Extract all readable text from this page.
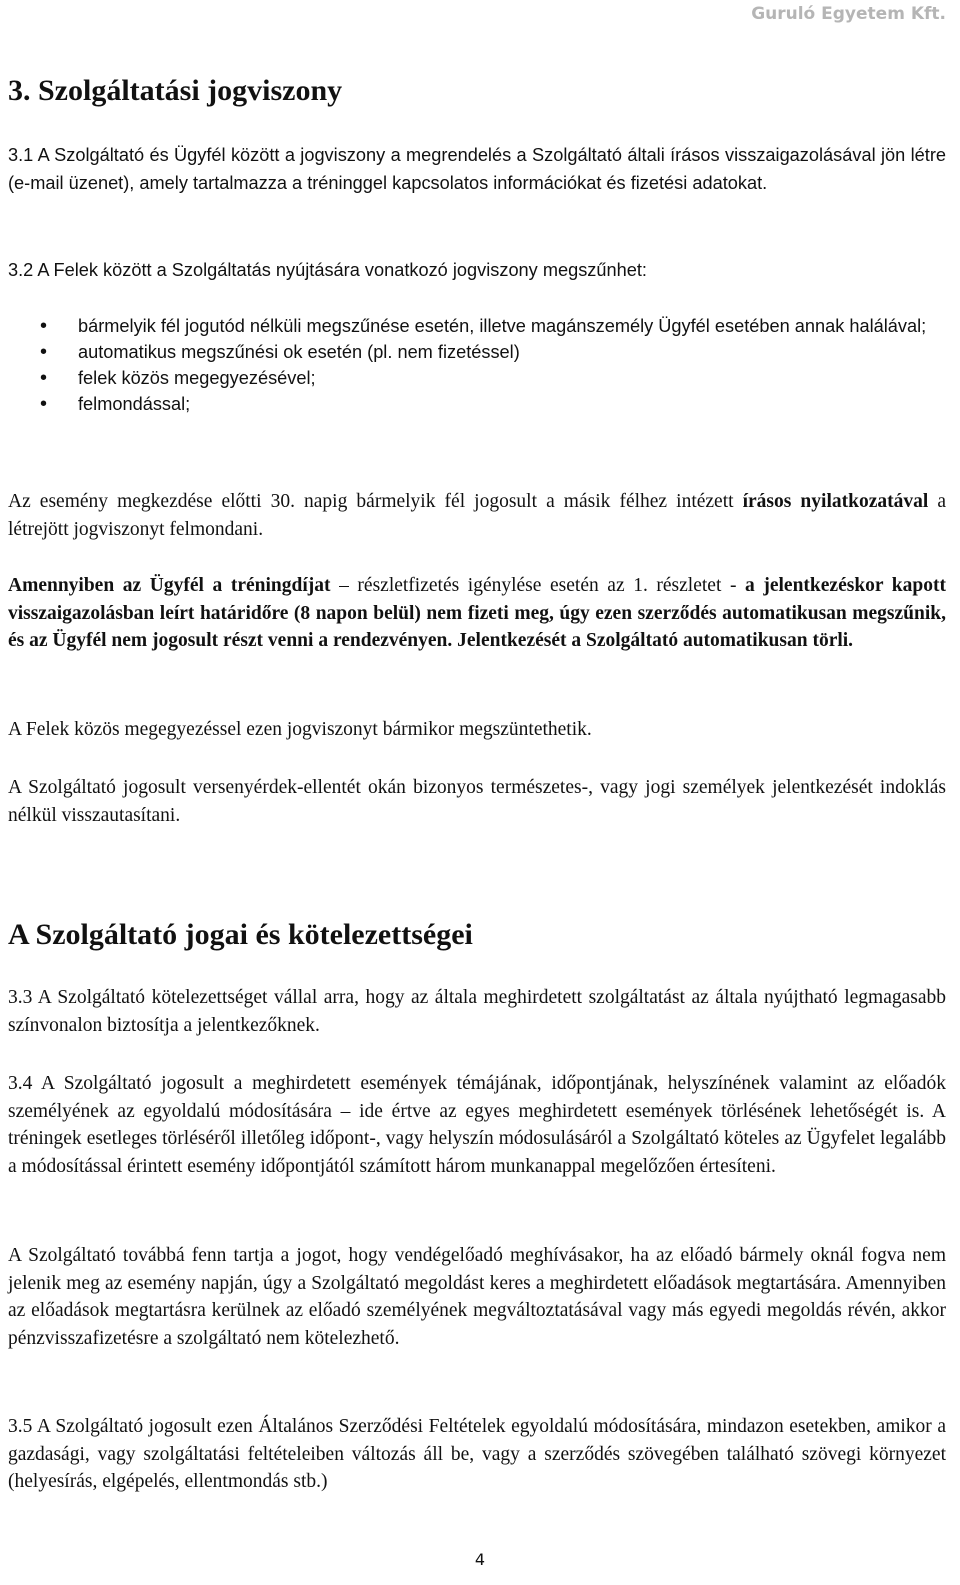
Guruló Egyetem Kft.
3. Szolgáltatási jogviszony

3.1 A Szolgáltató és Ügyfél között a jogviszony a megrendelés a Szolgáltató általi írásos visszaigazolásával jön létre (e-mail üzenet), amely tartalmazza a tréninggel kapcsolatos információkat és fizetési adatokat.

3.2 A Felek között a Szolgáltatás nyújtására vonatkozó jogviszony megszűnhet:

• bármelyik fél jogutód nélküli megszűnése esetén, illetve magánszemély Ügyfél esetében annak halálával;
• automatikus megszűnési ok esetén (pl. nem fizetéssel)
• felek közös megegyezésével;
• felmondással;

Az esemény megkezdése előtti 30. napig bármelyik fél jogosult a másik félhez intézett írásos nyilatkozatával a létrejött jogviszonyt felmondani.

Amennyiben az Ügyfél a tréningdíjat – részletfizetés igénylése esetén az 1. részletet - a jelentkezéskor kapott visszaigazolásban leírt határidőre (8 napon belül) nem fizeti meg, úgy ezen szerződés automatikusan megszűnik, és az Ügyfél nem jogosult részt venni a rendezvényen. Jelentkezését a Szolgáltató automatikusan törli.

A Felek közös megegyezéssel ezen jogviszonyt bármikor megszüntethetik.

A Szolgáltató jogosult versenyérdek-ellentét okán bizonyos természetes-, vagy jogi személyek jelentkezését indoklás nélkül visszautasítani.

A Szolgáltató jogai és kötelezettségei

3.3 A Szolgáltató kötelezettséget vállal arra, hogy az általa meghirdetett szolgáltatást az általa nyújtható legmagasabb színvonalon biztosítja a jelentkezőknek.

3.4 A Szolgáltató jogosult a meghirdetett események témájának, időpontjának, helyszínének valamint az előadók személyének az egyoldalú módosítására – ide értve az egyes meghirdetett események törlésének lehetőségét is. A tréningek esetleges törléséről illetőleg időpont-, vagy helyszín módosulásáról a Szolgáltató köteles az Ügyfelet legalább a módosítással érintett esemény időpontjától számított három munkanappal megelőzően értesíteni.

A Szolgáltató továbbá fenn tartja a jogot, hogy vendégelőadó meghívásakor, ha az előadó bármely oknál fogva nem jelenik meg az esemény napján, úgy a Szolgáltató megoldást keres a meghirdetett előadások megtartására. Amennyiben az előadások megtartásra kerülnek az előadó személyének megváltoztatásával vagy más egyedi megoldás révén, akkor pénzvisszafizetésre a szolgáltató nem kötelezhető.

3.5 A Szolgáltató jogosult ezen Általános Szerződési Feltételek egyoldalú módosítására, mindazon esetekben, amikor a gazdasági, vagy szolgáltatási feltételeiben változás áll be, vagy a szerződés szövegében található szövegi környezet (helyesírás, elgépelés, ellentmondás stb.)

4
